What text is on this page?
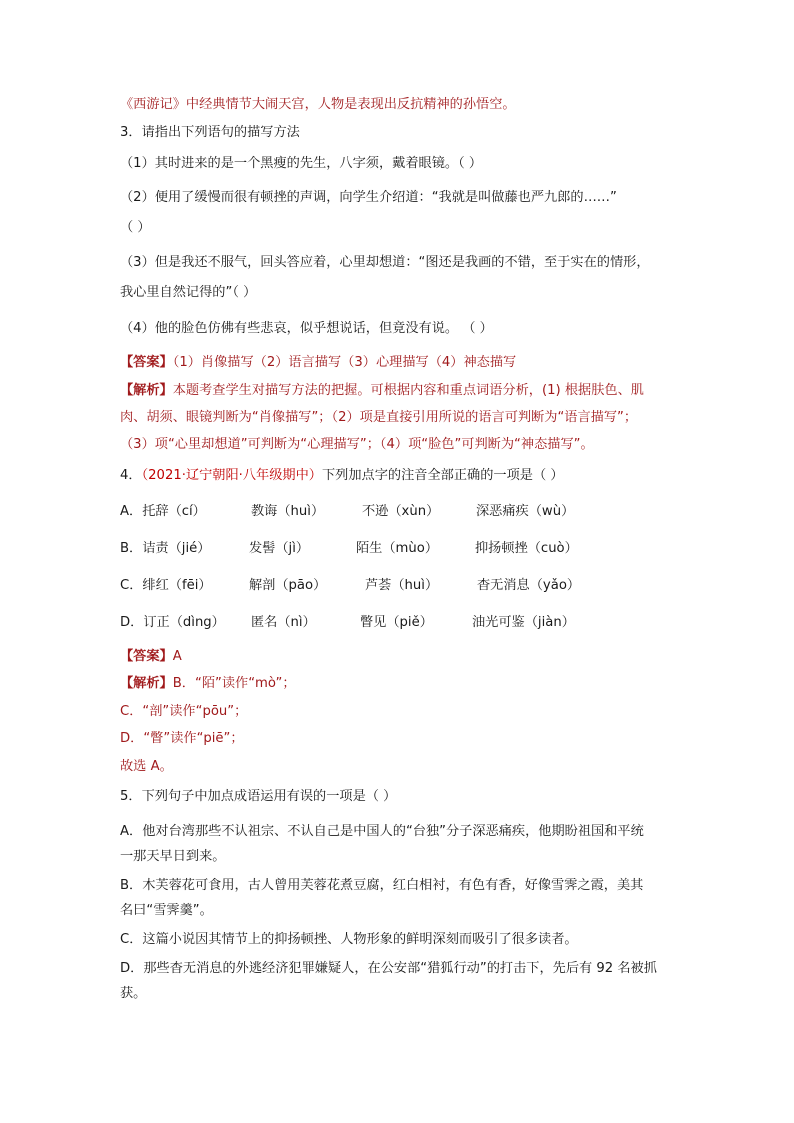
《西游记》中经典情节大闹天宫，人物是表现出反抗精神的孙悟空。
3．请指出下列语句的描写方法
（1）其时进来的是一个黑瘦的先生，八字须，戴着眼镜。（ ）
（2）便用了缓慢而很有顿挫的声调，向学生介绍道：“我就是叫做藤也严九郎的……”
（ ）
（3）但是我还不服气，回头答应着，心里却想道：“图还是我画的不错，至于实在的情形，
我心里自然记得的”（ ）
（4）他的脸色仿佛有些悲哀，似乎想说话，但竟没有说。 （ ）
【答案】（1）肖像描写（2）语言描写（3）心理描写（4）神态描写
【解析】本题考查学生对描写方法的把握。可根据内容和重点词语分析，(1) 根据肤色、肌
肉、胡须、眼镜判断为“肖像描写”；（2）项是直接引用所说的语言可判断为“语言描写”；
（3）项“心里却想道”可判断为“心理描写”；（4）项“脸色”可判断为“神态描写”。
4．（2021·辽宁朝阳·八年级期中）下列加点字的注音全部正确的一项是（ ）
A．托辞（cí）	教诲（huì）	不逊（xùn）	深恶痛疾（wù）
B．诘责（jié）	发髻（jì）	陌生（mùo）	抑扬顿挫（cuò）
C．绯红（fēi）	解剖（pāo）	芦荟（huì）	杳无消息（yǎo）
D．订正（dìng） 匿名（nì）	瞥见（piě）	油光可鉴（jiàn）
【答案】A
【解析】B．“陌”读作“mò”；
C．“剖”读作“pōu”；
D．“瞥”读作“piē”；
故选 A。
5．下列句子中加点成语运用有误的一项是（ ）
A．他对台湾那些不认祖宗、不认自己是中国人的“台独”分子深恶痛疾，他期盼祖国和平统
一那天早日到来。
B．木芙蓉花可食用，古人曾用芙蓉花煮豆腐，红白相衬，有色有香，好像雪霁之霞，美其
名曰“雪霁羹”。
C．这篇小说因其情节上的抑扬顿挫、人物形象的鲜明深刻而吸引了很多读者。
D．那些杳无消息的外逃经济犯罪嫌疑人，在公安部“猎狐行动”的打击下，先后有 92 名被抓
获。
